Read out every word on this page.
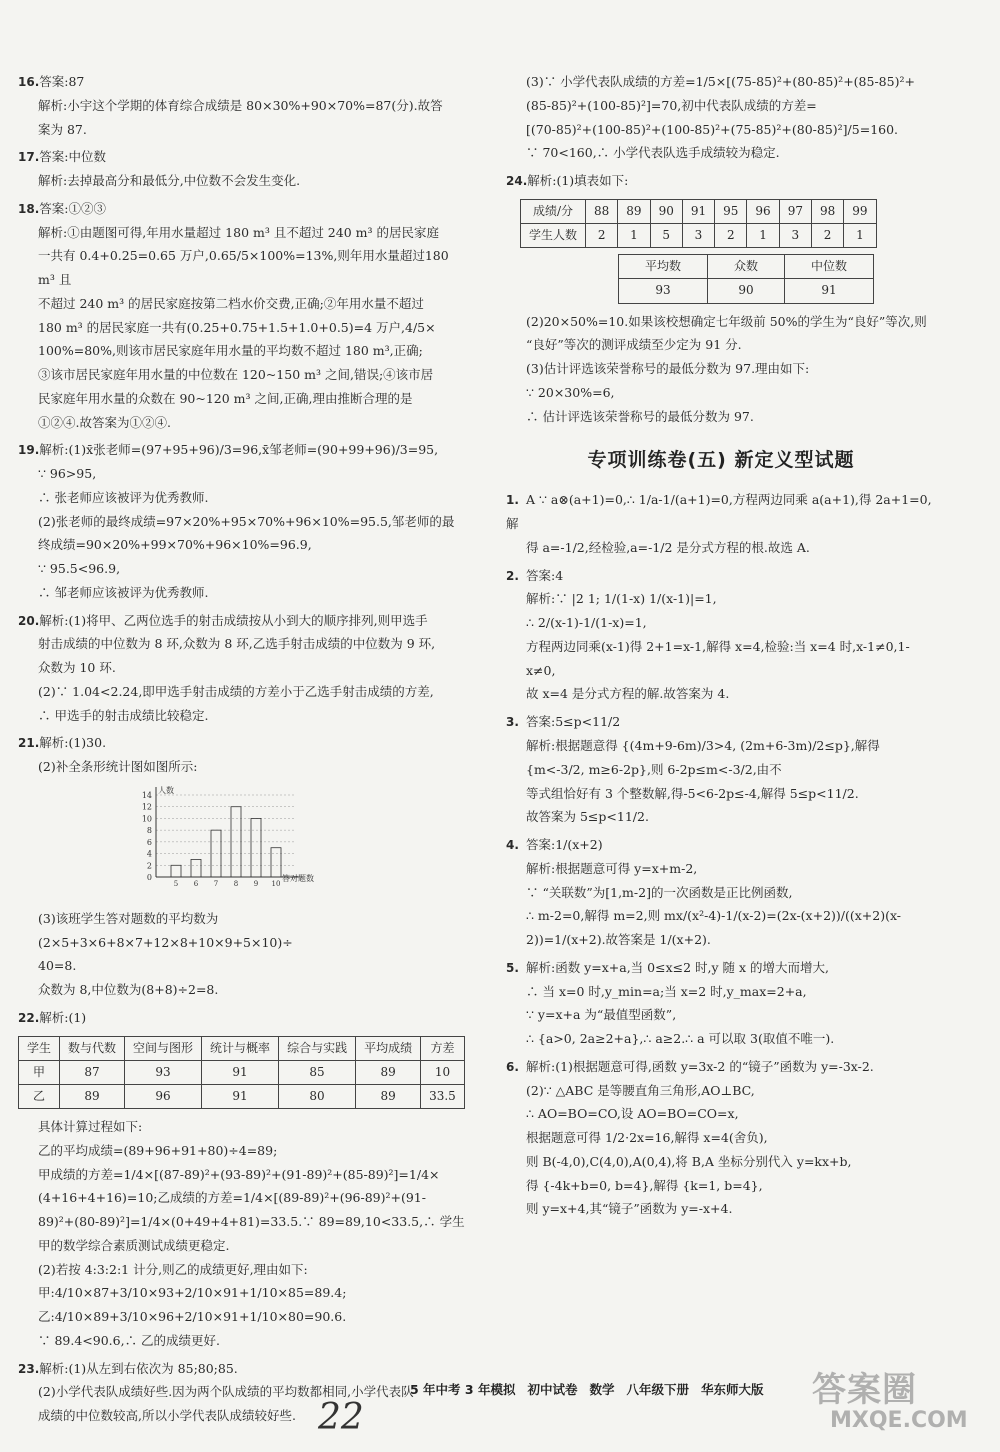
16.答案:87
解析:小宇这个学期的体育综合成绩是 80×30%+90×70%=87(分).故答
案为 87.
17.答案:中位数
解析:去掉最高分和最低分,中位数不会发生变化.
18.答案:①②③
解析:①由题图可得,年用水量超过 180 m³ 且不超过 240 m³ 的居民家庭
一共有 0.4+0.25=0.65 万户,0.65/5×100%=13%,则年用水量超过180 m³ 且
不超过 240 m³ 的居民家庭按第二档水价交费,正确;②年用水量不超过
180 m³ 的居民家庭一共有(0.25+0.75+1.5+1.0+0.5)=4 万户,4/5×
100%=80%,则该市居民家庭年用水量的平均数不超过 180 m³,正确;
③该市居民家庭年用水量的中位数在 120~150 m³ 之间,错误;④该市居
民家庭年用水量的众数在 90~120 m³ 之间,正确,理由推断合理的是
①②④.故答案为①②④.
19.解析:(1)x̄张老师=(97+95+96)/3=96,x̄邹老师=(90+99+96)/3=95,
∵ 96>95,
∴ 张老师应该被评为优秀教师.
(2)张老师的最终成绩=97×20%+95×70%+96×10%=95.5,邹老师的最
终成绩=90×20%+99×70%+96×10%=96.9,
∵ 95.5<96.9,
∴ 邹老师应该被评为优秀教师.
20.解析:(1)将甲、乙两位选手的射击成绩按从小到大的顺序排列,则甲选手
射击成绩的中位数为 8 环,众数为 8 环,乙选手射击成绩的中位数为 9 环,
众数为 10 环.
(2)∵ 1.04<2.24,即甲选手射击成绩的方差小于乙选手射击成绩的方差,
∴ 甲选手的射击成绩比较稳定.
21.解析:(1)30.
(2)补全条形统计图如图所示:
0
2
4
6
8
10
12
14
人数
答对题数
5 6 7 8 9 10
(3)该班学生答对题数的平均数为(2×5+3×6+8×7+12×8+10×9+5×10)÷
40=8.
众数为 8,中位数为(8+8)÷2=8.
22.解析:(1)
学生	数与代数	空间与图形	统计与概率	综合与实践	平均成绩	方差
甲	87	93	91	85	89	10
乙	89	96	91	80	89	33.5
具体计算过程如下:
乙的平均成绩=(89+96+91+80)÷4=89;
甲成绩的方差=1/4×[(87-89)²+(93-89)²+(91-89)²+(85-89)²]=1/4×
(4+16+4+16)=10;乙成绩的方差=1/4×[(89-89)²+(96-89)²+(91-
89)²+(80-89)²]=1/4×(0+49+4+81)=33.5.∵ 89=89,10<33.5,∴ 学生
甲的数学综合素质测试成绩更稳定.
(2)若按 4:3:2:1 计分,则乙的成绩更好,理由如下:
甲:4/10×87+3/10×93+2/10×91+1/10×85=89.4;
乙:4/10×89+3/10×96+2/10×91+1/10×80=90.6.
∵ 89.4<90.6,∴ 乙的成绩更好.
23.解析:(1)从左到右依次为 85;80;85.
(2)小学代表队成绩好些.因为两个队成绩的平均数都相同,小学代表队
成绩的中位数较高,所以小学代表队成绩较好些.
(3)∵ 小学代表队成绩的方差=1/5×[(75-85)²+(80-85)²+(85-85)²+
(85-85)²+(100-85)²]=70,初中代表队成绩的方差=
[(70-85)²+(100-85)²+(100-85)²+(75-85)²+(80-85)²]/5=160.
∵ 70<160,∴ 小学代表队选手成绩较为稳定.
24.解析:(1)填表如下:
成绩/分	88	89	90	91	95	96	97	98	99
学生人数	2	1	5	3	2	1	3	2	1
平均数	众数	中位数
93	90	91
(2)20×50%=10.如果该校想确定七年级前 50%的学生为“良好”等次,则
“良好”等次的测评成绩至少定为 91 分.
(3)估计评选该荣誉称号的最低分数为 97.理由如下:
∵ 20×30%=6,
∴ 估计评选该荣誉称号的最低分数为 97.
专项训练卷(五) 新定义型试题
1. A ∵ a⊗(a+1)=0,∴ 1/a-1/(a+1)=0,方程两边同乘 a(a+1),得 2a+1=0,解
得 a=-1/2,经检验,a=-1/2 是分式方程的根.故选 A.
2. 答案:4
解析:∵ |2 1; 1/(1-x) 1/(x-1)|=1,
∴ 2/(x-1)-1/(1-x)=1,
方程两边同乘(x-1)得 2+1=x-1,解得 x=4,检验:当 x=4 时,x-1≠0,1-x≠0,
故 x=4 是分式方程的解.故答案为 4.
3. 答案:5≤p<11/2
解析:根据题意得 {(4m+9-6m)/3>4, (2m+6-3m)/2≤p},解得 {m<-3/2, m≥6-2p},则 6-2p≤m<-3/2,由不
等式组恰好有 3 个整数解,得-5<6-2p≤-4,解得 5≤p<11/2.
故答案为 5≤p<11/2.
4. 答案:1/(x+2)
解析:根据题意可得 y=x+m-2,
∵ “关联数”为[1,m-2]的一次函数是正比例函数,
∴ m-2=0,解得 m=2,则 mx/(x²-4)-1/(x-2)=(2x-(x+2))/((x+2)(x-2))=1/(x+2).故答案是 1/(x+2).
5. 解析:函数 y=x+a,当 0≤x≤2 时,y 随 x 的增大而增大,
∴ 当 x=0 时,y_min=a;当 x=2 时,y_max=2+a,
∵ y=x+a 为“最值型函数”,
∴ {a>0, 2a≥2+a},∴ a≥2.∴ a 可以取 3(取值不唯一).
6. 解析:(1)根据题意可得,函数 y=3x-2 的“镜子”函数为 y=-3x-2.
(2)∵ △ABC 是等腰直角三角形,AO⊥BC,
∴ AO=BO=CO,设 AO=BO=CO=x,
根据题意可得 1/2·2x=16,解得 x=4(舍负),
则 B(-4,0),C(4,0),A(0,4),将 B,A 坐标分别代入 y=kx+b,
得 {-4k+b=0, b=4},解得 {k=1, b=4},
则 y=x+4,其“镜子”函数为 y=-x+4.
22
5 年中考 3 年模拟 初中试卷 数学 八年级下册 华东师大版	答案圈
MXQE.COM
